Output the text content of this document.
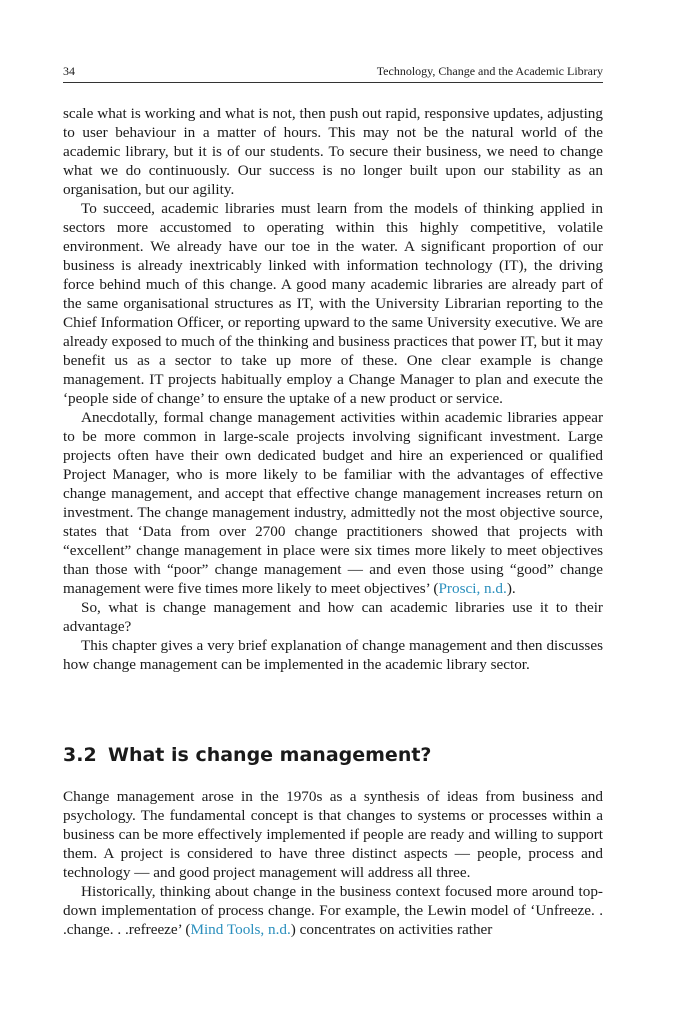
34	Technology, Change and the Academic Library

scale what is working and what is not, then push out rapid, responsive updates, adjusting to user behaviour in a matter of hours. This may not be the natural world of the academic library, but it is of our students. To secure their business, we need to change what we do continuously. Our success is no longer built upon our stability as an organisation, but our agility.

To succeed, academic libraries must learn from the models of thinking applied in sectors more accustomed to operating within this highly competitive, volatile environment. We already have our toe in the water. A significant proportion of our business is already inextricably linked with information technology (IT), the driving force behind much of this change. A good many academic libraries are already part of the same organisational structures as IT, with the University Librarian reporting to the Chief Information Officer, or reporting upward to the same University executive. We are already exposed to much of the thinking and business practices that power IT, but it may benefit us as a sector to take up more of these. One clear example is change management. IT projects habitually employ a Change Manager to plan and execute the ‘people side of change’ to ensure the uptake of a new product or service.

Anecdotally, formal change management activities within academic libraries appear to be more common in large-scale projects involving significant investment. Large projects often have their own dedicated budget and hire an experienced or qualified Project Manager, who is more likely to be familiar with the advantages of effective change management, and accept that effective change management increases return on investment. The change management industry, admittedly not the most objective source, states that ‘Data from over 2700 change practitioners showed that projects with “excellent” change management in place were six times more likely to meet objectives than those with “poor” change management — and even those using “good” change management were five times more likely to meet objectives’ (Prosci, n.d.).

So, what is change management and how can academic libraries use it to their advantage?

This chapter gives a very brief explanation of change management and then discusses how change management can be implemented in the academic library sector.

3.2 What is change management?

Change management arose in the 1970s as a synthesis of ideas from business and psychology. The fundamental concept is that changes to systems or processes within a business can be more effectively implemented if people are ready and willing to support them. A project is considered to have three distinct aspects — people, process and technology — and good project management will address all three.

Historically, thinking about change in the business context focused more around top-down implementation of process change. For example, the Lewin model of ‘Unfreeze. . .change. . .refreeze’ (Mind Tools, n.d.) concentrates on activities rather
